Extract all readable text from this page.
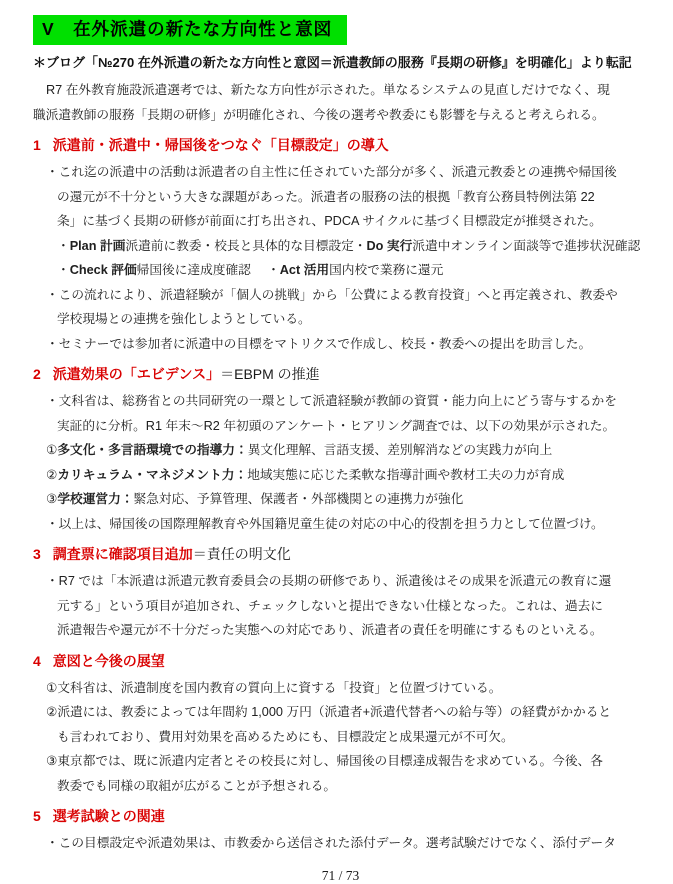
V　在外派遣の新たな方向性と意図

＊ブログ「№270 在外派遣の新たな方向性と意図＝派遣教師の服務『長期の研修』を明確化」より転記

R7 在外教育施設派遣選考では、新たな方向性が示された。単なるシステムの見直しだけでなく、現
職派遣教師の服務「長期の研修」が明確化され、今後の選考や教委にも影響を与えると考えられる。
1 派遣前・派遣中・帰国後をつなぐ「目標設定」の導入
・これ迄の派遣中の活動は派遣者の自主性に任されていた部分が多く、派遣元教委との連携や帰国後
の還元が不十分という大きな課題があった。派遣者の服務の法的根拠「教育公務員特例法第 22
条」に基づく長期の研修が前面に打ち出され、PDCA サイクルに基づく目標設定が推奨された。
・Plan 計画派遣前に教委・校長と具体的な目標設定・Do 実行派遣中オンライン面談等で進捗状況確認
・Check 評価帰国後に達成度確認　 ・Act 活用国内校で業務に還元
・この流れにより、派遣経験が「個人の挑戦」から「公費による教育投資」へと再定義され、教委や
学校現場との連携を強化しようとしている。
・セミナーでは参加者に派遣中の目標をマトリクスで作成し、校長・教委への提出を助言した。
2 派遣効果の「エビデンス」＝EBPM の推進
・文科省は、総務省との共同研究の一環として派遣経験が教師の資質・能力向上にどう寄与するかを
実証的に分析。R1 年末～R2 年初頭のアンケート・ヒアリング調査では、以下の効果が示された。
①多文化・多言語環境での指導力：異文化理解、言語支援、差別解消などの実践力が向上
②カリキュラム・マネジメント力：地域実態に応じた柔軟な指導計画や教材工夫の力が育成
③学校運営力：緊急対応、予算管理、保護者・外部機関との連携力が強化
・以上は、帰国後の国際理解教育や外国籍児童生徒の対応の中心的役割を担う力として位置づけ。
3 調査票に確認項目追加＝責任の明文化
・R7 では「本派遣は派遣元教育委員会の長期の研修であり、派遣後はその成果を派遣元の教育に還
元する」という項目が追加され、チェックしないと提出できない仕様となった。これは、過去に
派遣報告や還元が不十分だった実態への対応であり、派遣者の責任を明確にするものといえる。
4 意図と今後の展望
①文科省は、派遣制度を国内教育の質向上に資する「投資」と位置づけている。
②派遣には、教委によっては年間約 1,000 万円（派遣者+派遣代替者への給与等）の経費がかかると
も言われており、費用対効果を高めるためにも、目標設定と成果還元が不可欠。
③東京都では、既に派遣内定者とその校長に対し、帰国後の目標達成報告を求めている。今後、各
教委でも同様の取組が広がることが予想される。
5 選考試験との関連
・この目標設定や派遣効果は、市教委から送信された添付データ。選考試験だけでなく、添付データ
71 / 73
